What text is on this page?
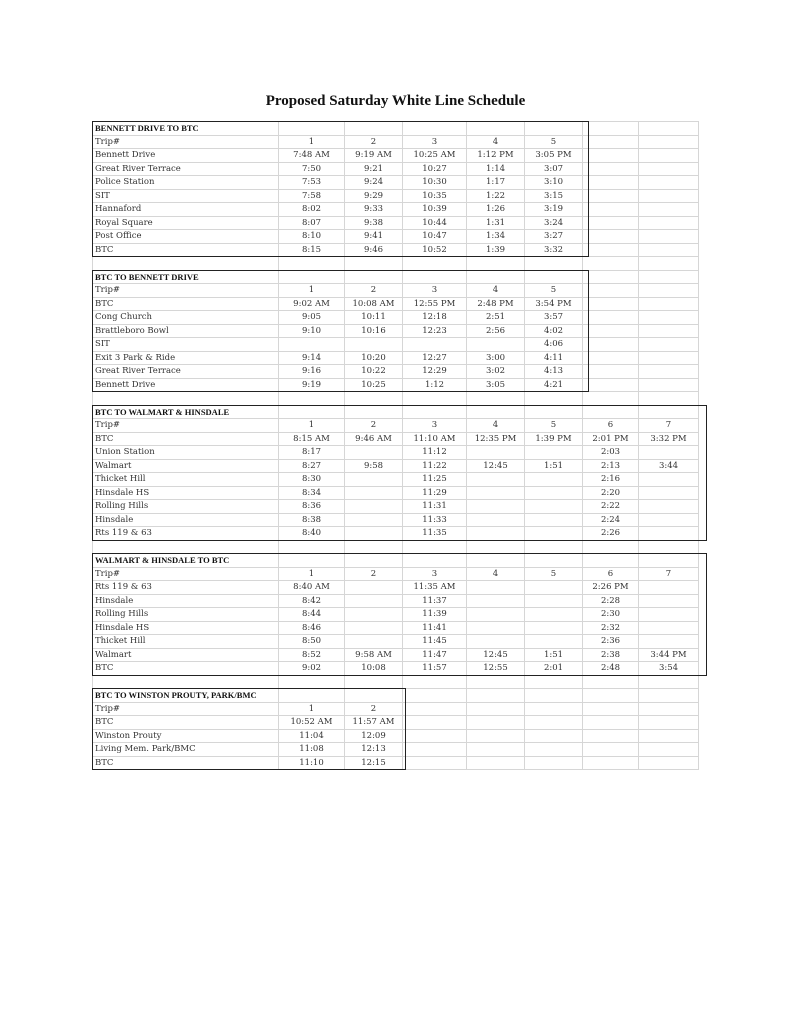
Proposed Saturday White Line Schedule
BENNETT DRIVE TO BTC							
Trip#	1	2	3	4	5		
Bennett Drive	7:48 AM	9:19 AM	10:25 AM	1:12 PM	3:05 PM		
Great River Terrace	7:50	9:21	10:27	1:14	3:07		
Police Station	7:53	9:24	10:30	1:17	3:10		
SIT	7:58	9:29	10:35	1:22	3:15		
Hannaford	8:02	9:33	10:39	1:26	3:19		
Royal Square	8:07	9:38	10:44	1:31	3:24		
Post Office	8:10	9:41	10:47	1:34	3:27		
BTC	8:15	9:46	10:52	1:39	3:32		

BTC TO BENNETT DRIVE							
Trip#	1	2	3	4	5		
BTC	9:02 AM	10:08 AM	12:55 PM	2:48 PM	3:54 PM		
Cong Church	9:05	10:11	12:18	2:51	3:57		
Brattleboro Bowl	9:10	10:16	12:23	2:56	4:02		
SIT					4:06		
Exit 3 Park & Ride	9:14	10:20	12:27	3:00	4:11		
Great River Terrace	9:16	10:22	12:29	3:02	4:13		
Bennett Drive	9:19	10:25	1:12	3:05	4:21		

BTC TO WALMART & HINSDALE							
Trip#	1	2	3	4	5	6	7
BTC	8:15 AM	9:46 AM	11:10 AM	12:35 PM	1:39 PM	2:01 PM	3:32 PM
Union Station	8:17		11:12			2:03	
Walmart	8:27	9:58	11:22	12:45	1:51	2:13	3:44
Thicket Hill	8:30		11:25			2:16	
Hinsdale HS	8:34		11:29			2:20	
Rolling Hills	8:36		11:31			2:22	
Hinsdale	8:38		11:33			2:24	
Rts 119 & 63	8:40		11:35			2:26	

WALMART & HINSDALE TO BTC							
Trip#	1	2	3	4	5	6	7
Rts 119 & 63	8:40 AM		11:35 AM			2:26 PM	
Hinsdale	8:42		11:37			2:28	
Rolling Hills	8:44		11:39			2:30	
Hinsdale HS	8:46		11:41			2:32	
Thicket Hill	8:50		11:45			2:36	
Walmart	8:52	9:58 AM	11:47	12:45	1:51	2:38	3:44 PM
BTC	9:02	10:08	11:57	12:55	2:01	2:48	3:54

BTC TO WINSTON PROUTY, PARK/BMC							
Trip#	1	2					
BTC	10:52 AM	11:57 AM					
Winston Prouty	11:04	12:09					
Living Mem. Park/BMC	11:08	12:13					
BTC	11:10	12:15					
